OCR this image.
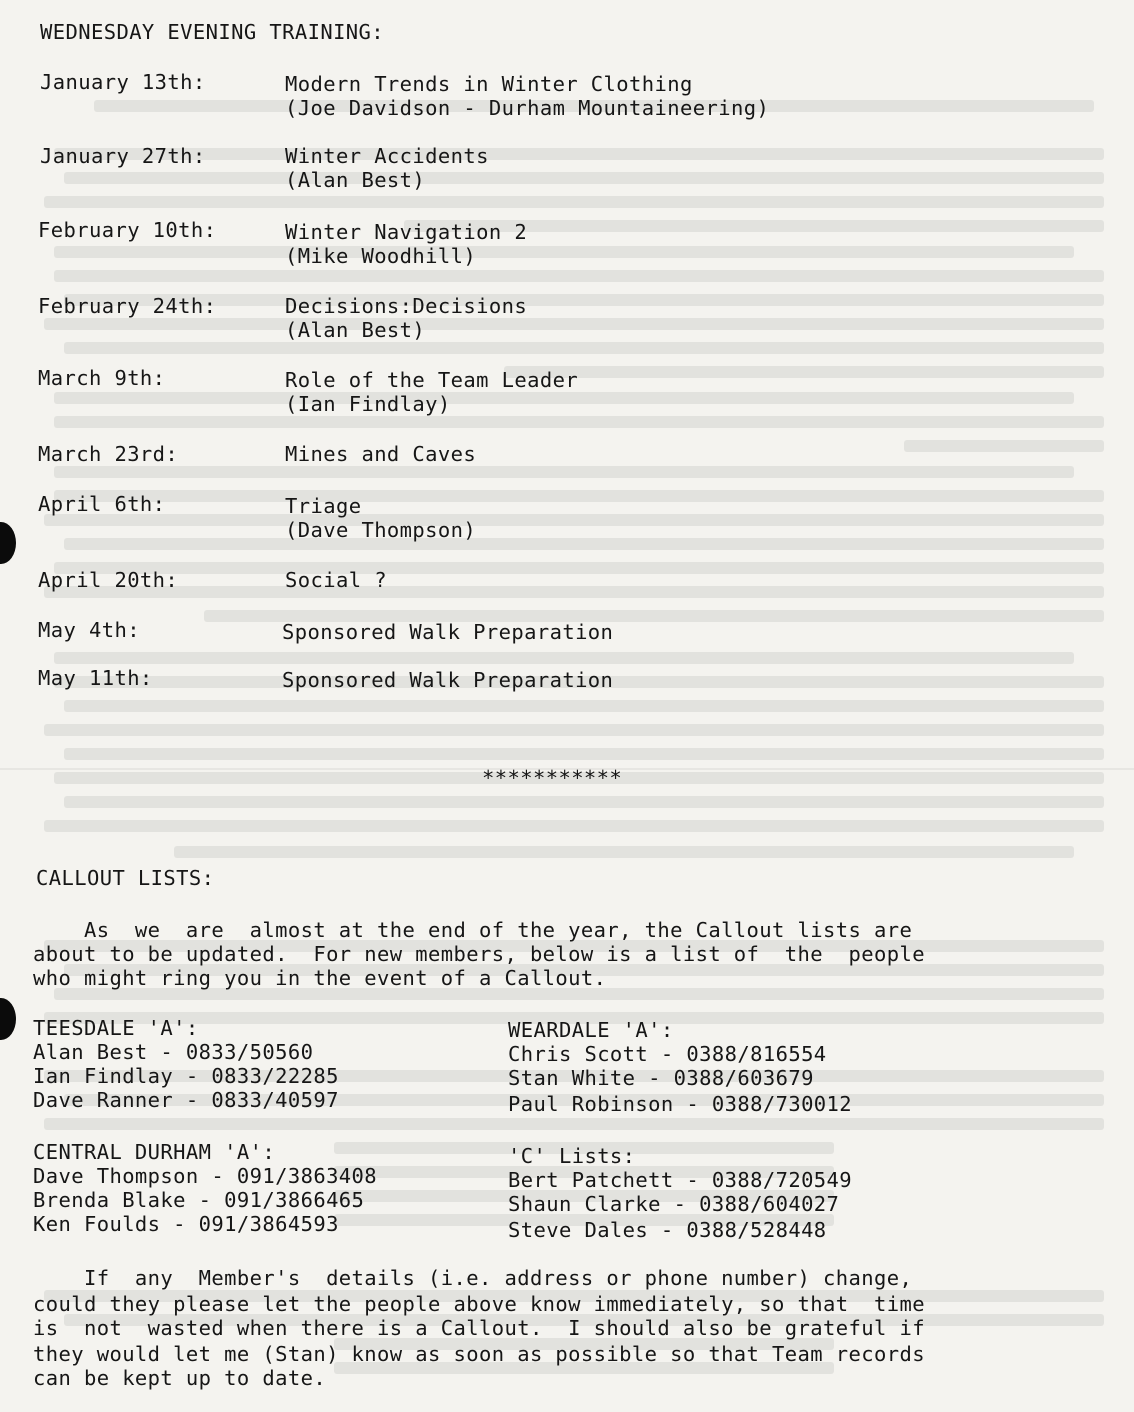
WEDNESDAY EVENING TRAINING:
January 13th:	Modern Trends in Winter Clothing
(Joe Davidson - Durham Mountaineering)
January 27th:	Winter Accidents
(Alan Best)
February 10th:	Winter Navigation 2
(Mike Woodhill)
February 24th:	Decisions:Decisions
(Alan Best)
March 9th:	Role of the Team Leader
(Ian Findlay)
March 23rd:	Mines and Caves
April 6th:	Triage
(Dave Thompson)
April 20th:	Social ?
May 4th:	Sponsored Walk Preparation
May 11th:	Sponsored Walk Preparation
***********
CALLOUT LISTS:
As  we  are  almost at the end of the year, the Callout lists are
about to be updated.  For new members, below is a list of  the  people
who might ring you in the event of a Callout.
TEESDALE 'A':
Alan Best - 0833/50560
Ian Findlay - 0833/22285
Dave Ranner - 0833/40597
WEARDALE 'A':
Chris Scott - 0388/816554
Stan White - 0388/603679
Paul Robinson - 0388/730012
CENTRAL DURHAM 'A':
Dave Thompson - 091/3863408
Brenda Blake - 091/3866465
Ken Foulds - 091/3864593
'C' Lists:
Bert Patchett - 0388/720549
Shaun Clarke - 0388/604027
Steve Dales - 0388/528448
If  any  Member's  details (i.e. address or phone number) change,
could they please let the people above know immediately, so that  time
is  not  wasted when there is a Callout.  I should also be grateful if
they would let me (Stan) know as soon as possible so that Team records
can be kept up to date.
